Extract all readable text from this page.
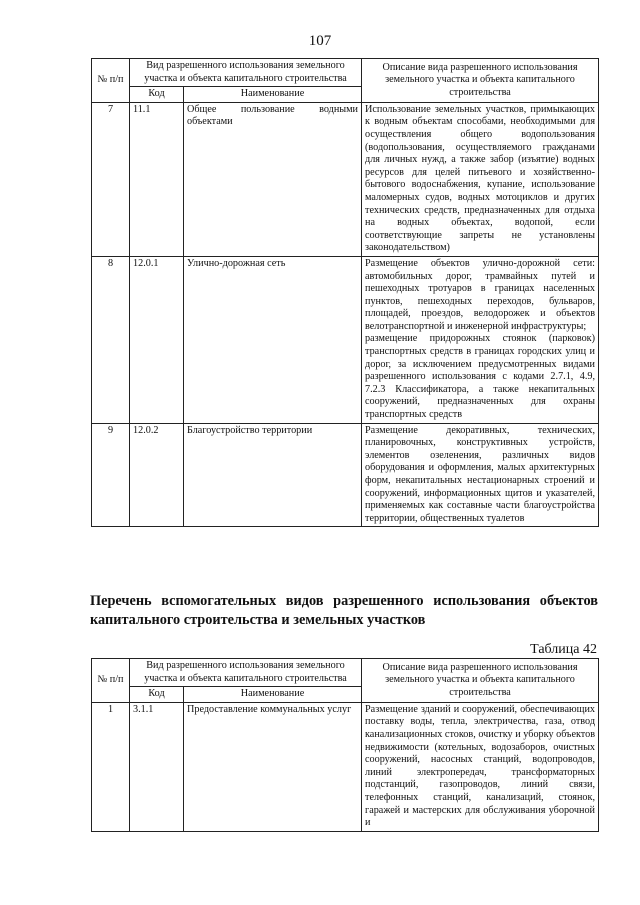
107
№ п/п	Вид разрешенного использования земельного участка и объекта капитального строительства		Описание вида разрешенного использования земельного участка и объекта капитального строительства
	Код	Наименование	
7	11.1	Общее пользование водными объектами	Использование земельных участков, примыкающих к водным объектам способами, необходимыми для осуществления общего водопользования (водопользования, осуществляемого гражданами для личных нужд, а также забор (изъятие) водных ресурсов для целей питьевого и хозяйственно-бытового водоснабжения, купание, использование маломерных судов, водных мотоциклов и других технических средств, предназначенных для отдыха на водных объектах, водопой, если соответствующие запреты не установлены законодательством)
8	12.0.1	Улично-дорожная сеть	Размещение объектов улично-дорожной сети: автомобильных дорог, трамвайных путей и пешеходных тротуаров в границах населенных пунктов, пешеходных переходов, бульваров, площадей, проездов, велодорожек и объектов велотранспортной и инженерной инфраструктуры;
размещение придорожных стоянок (парковок) транспортных средств в границах городских улиц и дорог, за исключением предусмотренных видами разрешенного использования с кодами 2.7.1, 4.9, 7.2.3 Классификатора, а также некапитальных сооружений, предназначенных для охраны транспортных средств

9	12.0.2	Благоустройство территории	Размещение декоративных, технических, планировочных, конструктивных устройств, элементов озеленения, различных видов оборудования и оформления, малых архитектурных форм, некапитальных нестационарных строений и сооружений, информационных щитов и указателей, применяемых как составные части благоустройства территории, общественных туалетов
Перечень вспомогательных видов разрешенного использования объектов капитального строительства и земельных участков
Таблица 42
№ п/п	Вид разрешенного использования земельного участка и объекта капитального строительства		Описание вида разрешенного использования земельного участка и объекта капитального строительства
	Код	Наименование	
1	3.1.1	Предоставление коммунальных услуг	Размещение зданий и сооружений, обеспечивающих поставку воды, тепла, электричества, газа, отвод канализационных стоков, очистку и уборку объектов недвижимости (котельных, водозаборов, очистных сооружений, насосных станций, водопроводов, линий электропередач, трансформаторных подстанций, газопроводов, линий связи, телефонных станций, канализаций, стоянок, гаражей и мастерских для обслуживания уборочной и
